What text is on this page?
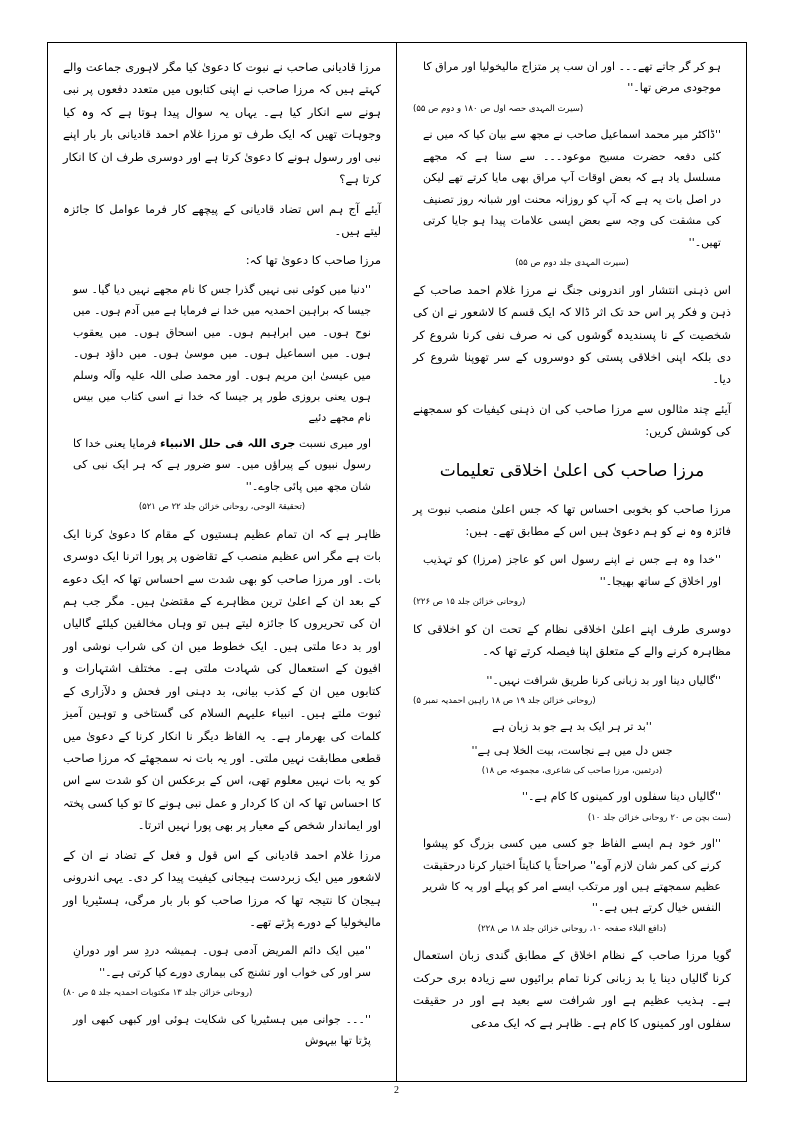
مرزا قادیانی صاحب نے نبوت کا دعویٰ کیا مگر لاہوری جماعت والے کہتے ہیں کہ مرزا صاحب نے اپنی کتابوں میں متعدد دفعوں پر نبی ہونے سے انکار کیا ہے۔ یہاں یہ سوال پیدا ہوتا ہے کہ وہ کیا وجوہات تھیں کہ ایک طرف تو مرزا غلام احمد قادیانی بار بار اپنے نبی اور رسول ہونے کا دعویٰ کرتا ہے اور دوسری طرف ان کا انکار کرتا ہے؟

آیئے آج ہم اس تضاد قادیانی کے پیچھے کار فرما عوامل کا جائزہ لیتے ہیں۔

مرزا صاحب کا دعویٰ تھا کہ:

''دنیا میں کوئی نبی نہیں گذرا جس کا نام مجھے نہیں دیا گیا۔ سو جیسا کہ براہین احمدیہ میں خدا نے فرمایا ہے میں آدم ہوں۔ میں نوح ہوں۔ میں ابراہیم ہوں۔ میں اسحاق ہوں۔ میں یعقوب ہوں۔ میں اسماعیل ہوں۔ میں موسیٰ ہوں۔ میں داؤد ہوں۔ میں عیسیٰ ابن مریم ہوں۔ اور محمد صلی اللہ علیہ وآلہ وسلم ہوں یعنی بروزی طور پر جیسا کہ خدا نے اسی کتاب میں بیس نام مجھے دئیے

اور میری نسبت جری اللہ فی حلل الانبیاء فرمایا یعنی خدا کا رسول نبیوں کے پیراؤں میں۔ سو ضرور ہے کہ ہر ایک نبی کی شان مجھ میں پائی جاوے۔''

(تحقیقۃ الوحی، روحانی خزائن جلد ۲۲ ص ۵۲۱)

ظاہر ہے کہ ان تمام عظیم ہستیوں کے مقام کا دعویٰ کرنا ایک بات ہے مگر اس عظیم منصب کے تقاضوں پر پورا اترنا ایک دوسری بات۔ اور مرزا صاحب کو بھی شدت سے احساس تھا کہ ایک دعوے کے بعد ان کے اعلیٰ ترین مظاہرے کے مقتضیٰ ہیں۔ مگر جب ہم ان کی تحریروں کا جائزہ لیتے ہیں تو وہاں مخالفین کیلئے گالیاں اور بد دعا ملتی ہیں۔ ایک خطوط میں ان کی شراب نوشی اور افیون کے استعمال کی شہادت ملتی ہے۔ مختلف اشتہارات و کتابوں میں ان کے کذب بیانی، بد دہنی اور فحش و دلآزاری کے ثبوت ملتے ہیں۔ انبیاء علیہم السلام کی گستاخی و توہین آمیز کلمات کی بھرمار ہے۔ یہ الفاظ دیگر نا انکار کرنا کے دعویٰ میں قطعی مطابقت نہیں ملتی۔ اور یہ بات نہ سمجھئے کہ مرزا صاحب کو یہ بات نہیں معلوم تھی، اس کے برعکس ان کو شدت سے اس کا احساس تھا کہ ان کا کردار و عمل نبی ہونے کا تو کیا کسی پختہ اور ایماندار شخص کے معیار پر بھی پورا نہیں اترتا۔

مرزا غلام احمد قادیانی کے اس قول و فعل کے تضاد نے ان کے لاشعور میں ایک زبردست ہیجانی کیفیت پیدا کر دی۔ یہی اندرونی ہیجان کا نتیجہ تھا کہ مرزا صاحب کو بار بار مرگی، ہسٹیریا اور مالیخولیا کے دورے پڑتے تھے۔

''میں ایک دائم المریض آدمی ہوں۔ ہمیشہ دردِ سر اور دورانِ سر اور کی خواب اور تشنج کی بیماری دورے کیا کرتی ہے۔''

(روحانی خزائن جلد ۱۳ مکتوبات احمدیہ جلد ۵ ص ۸۰)

''۔۔۔ جوانی میں ہسٹیریا کی شکایت ہوئی اور کبھی کبھی اور پڑتا تھا بیہوش

ہو کر گر جاتے تھے۔۔۔ اور ان سب پر متزاج مالیخولیا اور مراق کا موجودی مرض تھا۔''

(سیرت المہدی حصہ اول ص ۱۸۰ و دوم ص ۵۵)

''ڈاکٹر میر محمد اسماعیل صاحب نے مجھ سے بیان کیا کہ میں نے کئی دفعہ حضرت مسیح موعود۔۔۔ سے سنا ہے کہ مجھے مسلسل یاد ہے کہ بعض اوقات آپ مراق بھی مایا کرتے تھے لیکن در اصل بات یہ ہے کہ آپ کو روزانہ محنت اور شبانہ روز تصنیف کی مشقت کی وجہ سے بعض ایسی علامات پیدا ہو جایا کرتی تھیں۔''

(سیرت المہدی جلد دوم ص ۵۵)

اس ذہنی انتشار اور اندرونی جنگ نے مرزا غلام احمد صاحب کے ذہن و فکر پر اس حد تک اثر ڈالا کہ ایک قسم کا لاشعور نے ان کی شخصیت کے نا پسندیدہ گوشوں کی نہ صرف نفی کرنا شروع کر دی بلکہ اپنی اخلاقی پستی کو دوسروں کے سر تھوپنا شروع کر دیا۔

آیئے چند مثالوں سے مرزا صاحب کی ان ذہنی کیفیات کو سمجھنے کی کوشش کریں:

مرزا صاحب کی اعلیٰ اخلاقی تعلیمات

مرزا صاحب کو بخوبی احساس تھا کہ جس اعلیٰ منصب نبوت پر فائزہ وہ نے کو ہم دعویٰ ہیں اس کے مطابق تھے۔ ہیں:

''خدا وہ ہے جس نے اپنے رسول اس کو عاجز (مرزا) کو تہذیب اور اخلاق کے ساتھ بھیجا۔''

(روحانی خزائن جلد ۱۵ ص ۲۲۶)

دوسری طرف اپنے اعلیٰ اخلاقی نظام کے تحت ان کو اخلاقی کا مظاہرہ کرنے والے کے متعلق اپنا فیصلہ کرتے تھا کہ۔

''گالیاں دینا اور بد زبانی کرنا طریق شرافت نہیں۔''

(روحانی خزائن جلد ۱۹ ص ۱۸ راہین احمدیہ نمبر ۵)

''بد تر ہر ایک بد ہے جو بد زبان ہے

جس دل میں ہے نجاست، بیت الخلا ہی ہے''

(درثمین، مرزا صاحب کی شاعری، مجموعہ ص ۱۸)

''گالیاں دینا سفلوں اور کمینوں کا کام ہے۔''

(ست بچن ص ۲۰ روحانی خزائن جلد ۱۰)

''اور خود ہم ایسے الفاظ جو کسی میں کسی بزرگ کو پیشوا کرنے کی کمر شان لازم آوے'' صراحتاً یا کنایتاً اختیار کرنا درحقیقت عظیم سمجھتے ہیں اور مرتکب ایسے امر کو پہلے اور یہ کا شریر النفس خیال کرتے ہیں ہے۔''

(دافع البلاء صفحہ ۱۰، روحانی خزائن جلد ۱۸ ص ۲۲۸)

گویا مرزا صاحب کے نظام اخلاق کے مطابق گندی زبان استعمال کرنا گالیاں دینا یا بد زبانی کرنا تمام برائیوں سے زیادہ بری حرکت ہے۔ ہذیب عظیم ہے اور شرافت سے بعید ہے اور در حقیقت سفلوں اور کمینوں کا کام ہے۔ ظاہر ہے کہ ایک مدعی

2
